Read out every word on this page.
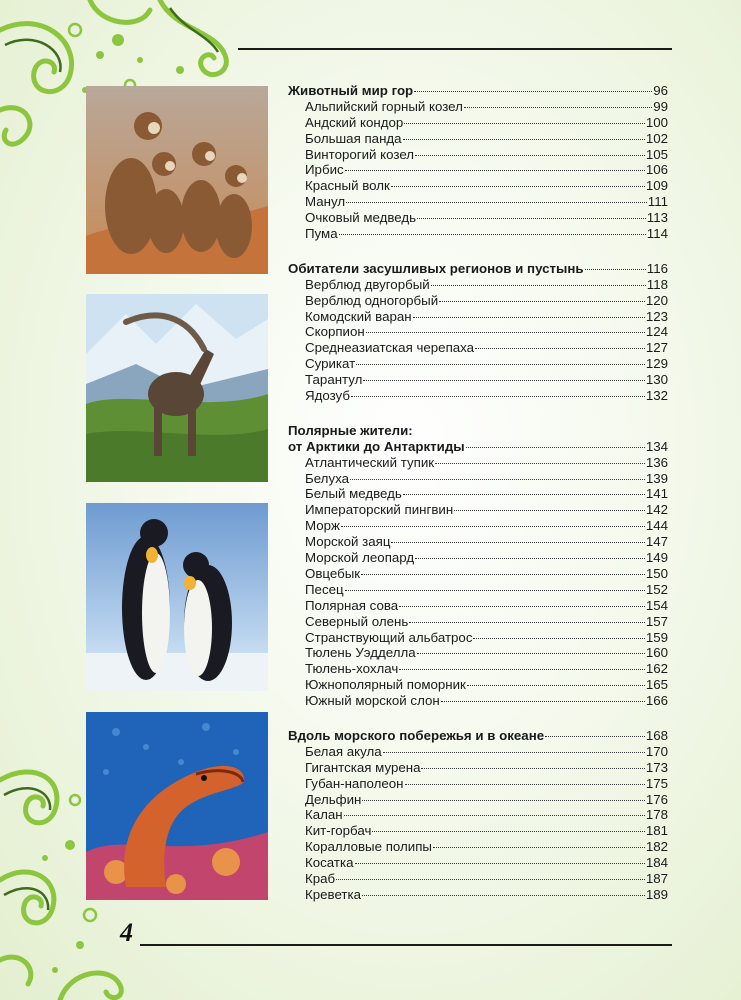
Животный мир гор	96
Альпийский горный козел	99
Андский кондор	100
Большая панда	102
Винторогий козел	105
Ирбис	106
Красный волк	109
Манул	111
Очковый медведь	113
Пума	114
Обитатели засушливых регионов и пустынь	116
Верблюд двугорбый	118
Верблюд одногорбый	120
Комодский варан	123
Скорпион	124
Среднеазиатская черепаха	127
Сурикат	129
Тарантул	130
Ядозуб	132
Полярные жители:
от Арктики до Антарктиды	134
Атлантический тупик	136
Белуха	139
Белый медведь	141
Императорский пингвин	142
Морж	144
Морской заяц	147
Морской леопард	149
Овцебык	150
Песец	152
Полярная сова	154
Северный олень	157
Странствующий альбатрос	159
Тюлень Уэдделла	160
Тюлень-хохлач	162
Южнополярный поморник	165
Южный морской слон	166
Вдоль морского побережья и в океане	168
Белая акула	170
Гигантская мурена	173
Губан-наполеон	175
Дельфин	176
Калан	178
Кит-горбач	181
Коралловые полипы	182
Косатка	184
Краб	187
Креветка	189
4
